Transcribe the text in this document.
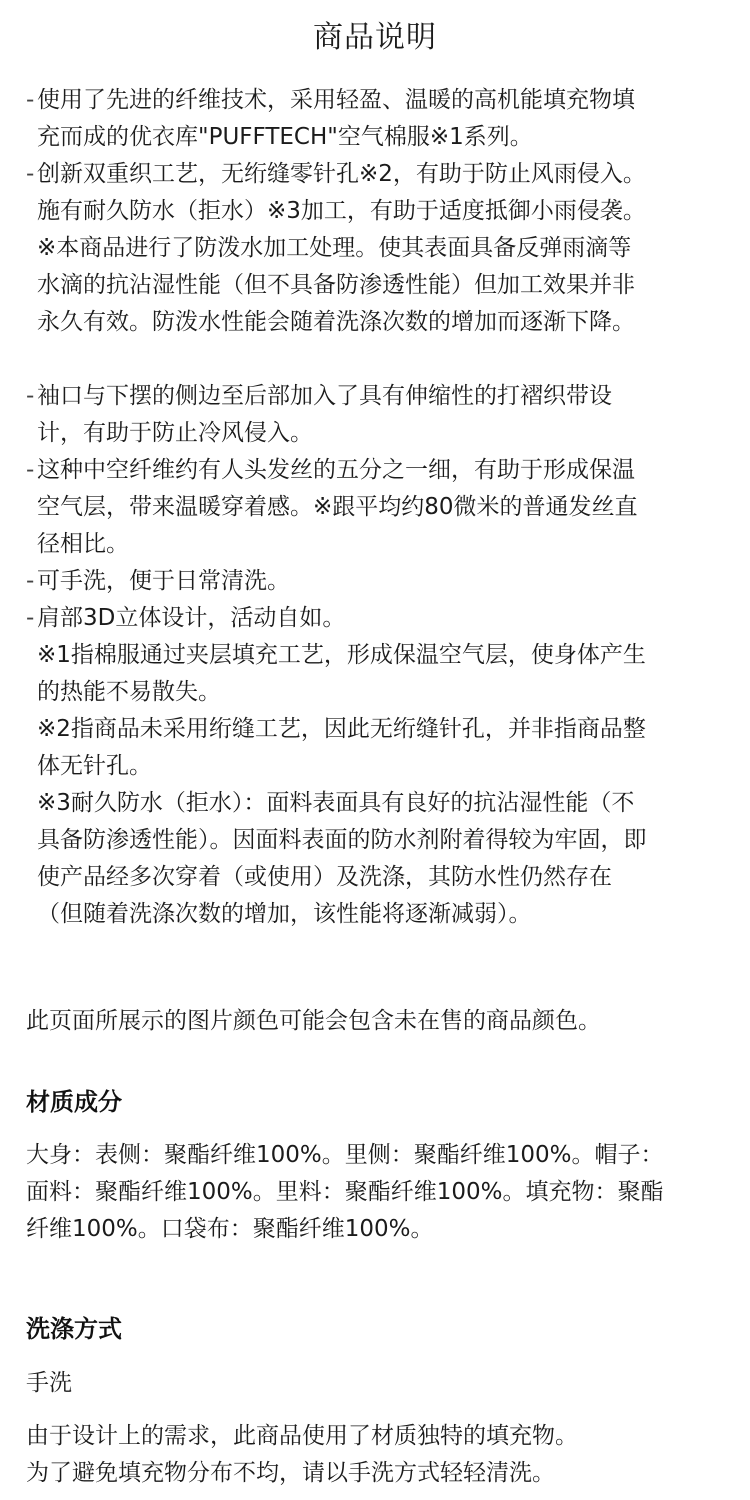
商品说明
- 使用了先进的纤维技术，采用轻盈、温暖的高机能填充物填
充而成的优衣库"PUFFTECH"空气棉服※1系列。
- 创新双重织工艺，无绗缝零针孔※2，有助于防止风雨侵入。
施有耐久防水（拒水）※3加工，有助于适度抵御小雨侵袭。
※本商品进行了防泼水加工处理。使其表面具备反弹雨滴等
水滴的抗沾湿性能（但不具备防渗透性能）但加工效果并非
永久有效。防泼水性能会随着洗涤次数的增加而逐渐下降。
- 袖口与下摆的侧边至后部加入了具有伸缩性的打褶织带设
计，有助于防止冷风侵入。
- 这种中空纤维约有人头发丝的五分之一细，有助于形成保温
空气层，带来温暖穿着感。※跟平均约80微米的普通发丝直
径相比。
- 可手洗，便于日常清洗。
- 肩部3D立体设计，活动自如。
※1指棉服通过夹层填充工艺，形成保温空气层，使身体产生
的热能不易散失。
※2指商品未采用绗缝工艺，因此无绗缝针孔，并非指商品整
体无针孔。
※3耐久防水（拒水）：面料表面具有良好的抗沾湿性能（不
具备防渗透性能）。因面料表面的防水剂附着得较为牢固，即
使产品经多次穿着（或使用）及洗涤，其防水性仍然存在
（但随着洗涤次数的增加，该性能将逐渐减弱）。
此页面所展示的图片颜色可能会包含未在售的商品颜色。
材质成分
大身：表侧：聚酯纤维100%。里侧：聚酯纤维100%。帽子：
面料：聚酯纤维100%。里料：聚酯纤维100%。填充物：聚酯
纤维100%。口袋布：聚酯纤维100%。
洗涤方式
手洗
由于设计上的需求，此商品使用了材质独特的填充物。
为了避免填充物分布不均，请以手洗方式轻轻清洗。
